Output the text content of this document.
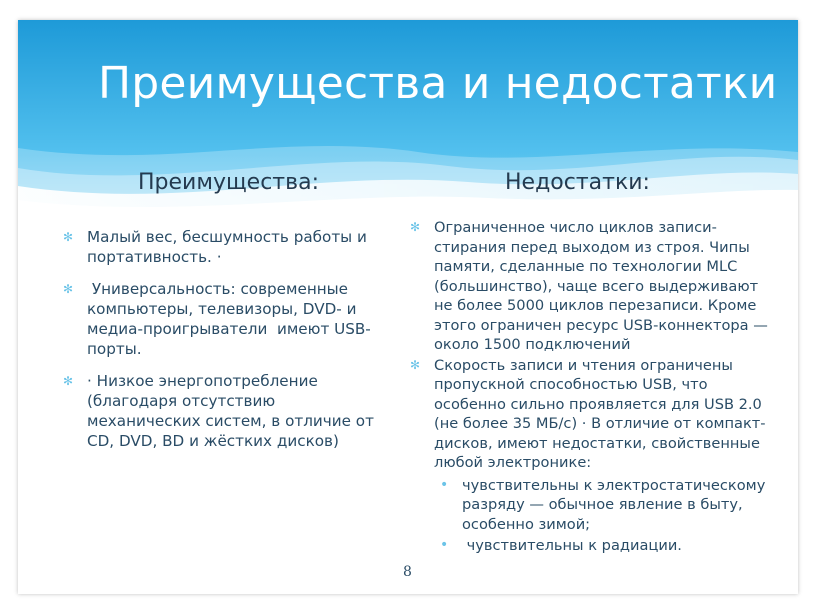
Преимущества и недостатки
Преимущества:	Недостатки:
✻ Малый вес, бесшумность работы и портативность. ·
✻ Универсальность: современные компьютеры, телевизоры, DVD- и медиа-проигрыватели  имеют USB-порты.
✻ · Низкое энергопотребление (благодаря отсутствию механических систем, в отличие от CD, DVD, BD и жёстких дисков)
✻ Ограниченное число циклов записи-стирания перед выходом из строя. Чипы памяти, сделанные по технологии MLC (большинство), чаще всего выдерживают не более 5000 циклов перезаписи. Кроме этого ограничен ресурс USB-коннектора — около 1500 подключений
✻ Скорость записи и чтения ограничены пропускной способностью USB, что особенно сильно проявляется для USB 2.0 (не более 35 МБ/с) · В отличие от компакт-дисков, имеют недостатки, свойственные любой электронике:
• чувствительны к электростатическому разряду — обычное явление в быту, особенно зимой;
• чувствительны к радиации.
8
